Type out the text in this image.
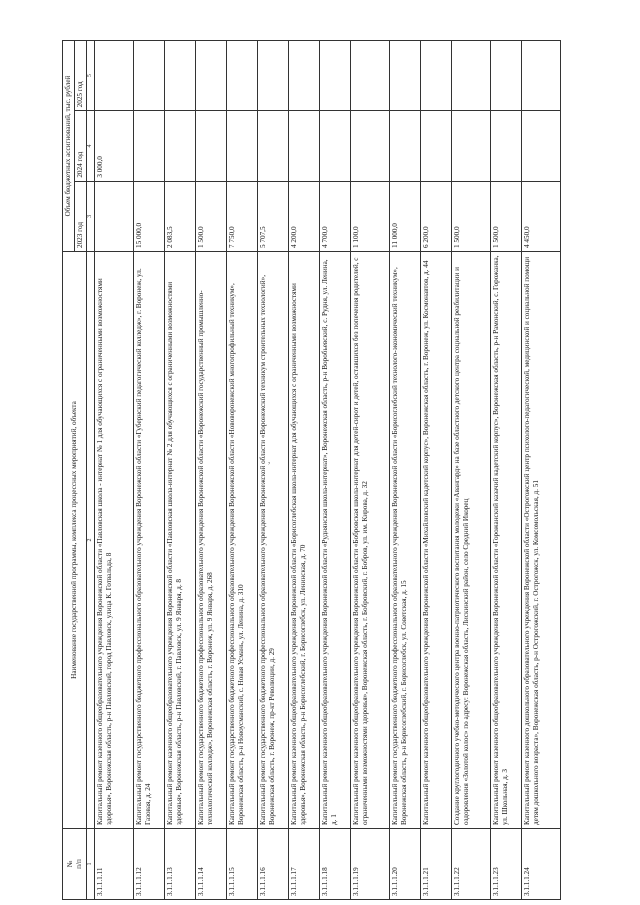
,
№
п/п	Наименование государственной программы, комплекса процессных мероприятий, объекта	Объем бюджетных ассигнований, тыс. рублей		
		2023 год	2024 год	2025 год
1	2	3	4	5
3.1.1.1.11	Капитальный ремонт казенного общеобразовательного учреждения Воронежской области «Павловская школа - интернат № 1 для обучающихся с ограниченными возможностями здоровья», Воронежская область, р-н Павловский, город Павловск, улица К. Готвальда, 8		3 000,0	
3.1.1.1.12	Капитальный ремонт государственного бюджетного профессионального образовательного учреждения Воронежской области «Губернский педагогический колледж», г. Воронеж, ул. Газовая, д. 24	15 000,0		
3.1.1.1.13	Капитальный ремонт казенного общеобразовательного учреждения Воронежской области «Павловская школа-интернат № 2 для обучающихся с ограниченными возможностями здоровья», Воронежская область, р-н Павловский, г. Павловск, ул. 9 Января, д. 8	2 083,5		
3.1.1.1.14	Капитальный ремонт государственного бюджетного профессионального образовательного учреждения Воронежской области «Воронежский государственный промышленно-технологический колледж», Воронежская область, г. Воронеж, ул. 9 Января, д. 268	1 500,0		
3.1.1.1.15	Капитальный ремонт государственного бюджетного профессионального образовательного учреждения Воронежской области «Нововоронежский многопрофильный техникум», Воронежская область, р-н Новоусманский, с. Новая Усмань, ул. Ленина, д. 310	7 750,0		
3.1.1.1.16	Капитальный ремонт государственного бюджетного профессионального образовательного учреждения Воронежской области «Воронежский техникум строительных технологий», Воронежская область, г. Воронеж, пр-кт Революции, д. 29	5 707,5		
3.1.1.1.17	Капитальный ремонт казенного общеобразовательного учреждения Воронежской области «Борисоглебская школа-интернат для обучающихся с ограниченными возможностями здоровья», Воронежская область, р-н Борисоглебский, г. Борисоглебск, ул. Ленинская, д. 70	4 200,0		
3.1.1.1.18	Капитальный ремонт казенного общеобразовательного учреждения Воронежской области «Руднянская школа-интернат», Воронежская область, р-н Воробьевский, с. Рудня, ул. Ленина, д. 1	4 700,0		
3.1.1.1.19	Капитальный ремонт казенного общеобразовательного учреждения Воронежской области «Бобровская школа-интернат для детей-сирот и детей, оставшихся без попечения родителей, с ограниченными возможностями здоровья», Воронежская область, г. Бобровский, г. Бобров, ул. им. Кирова, д. 32	1 100,0		
3.1.1.1.20	Капитальный ремонт государственного бюджетного профессионального образовательного учреждения Воронежской области «Борисоглебский технолого-экономический техникум», Воронежская область, р-н Борисоглебский, г. Борисоглебск, ул. Советская, д. 15	11 000,0		
3.1.1.1.21	Капитальный ремонт казенного общеобразовательного учреждения Воронежской области «Михайловский кадетский корпус», Воронежская область, г. Воронеж, ул. Космонавтов, д. 44	6 200,0		
3.1.1.1.22	Создание круглогодичного учебно-методического центра военно-патриотического воспитания молодежи «Авангард» на базе областного детского центра социальной реабилитации и оздоровления «Золотой колос» по адресу: Воронежская область, Лискинский район, село Средний Икорец	1 500,0		
3.1.1.1.23	Капитальный ремонт казенного общеобразовательного учреждения Воронежской области «Горожанский казачий кадетский корпус», Воронежская область, р-н Рамонский, с. Горожанка, ул. Школьная, д. 3	1 500,0		
3.1.1.1.24	Капитальный ремонт казенного дошкольного образовательного учреждения Воронежской области «Острогожский центр психолого-педагогической, медицинской и социальной помощи детям дошкольного возраста», Воронежская область, р-н Острогожский, г. Острогожск, ул. Комсомольская, д. 51	4 450,0		
